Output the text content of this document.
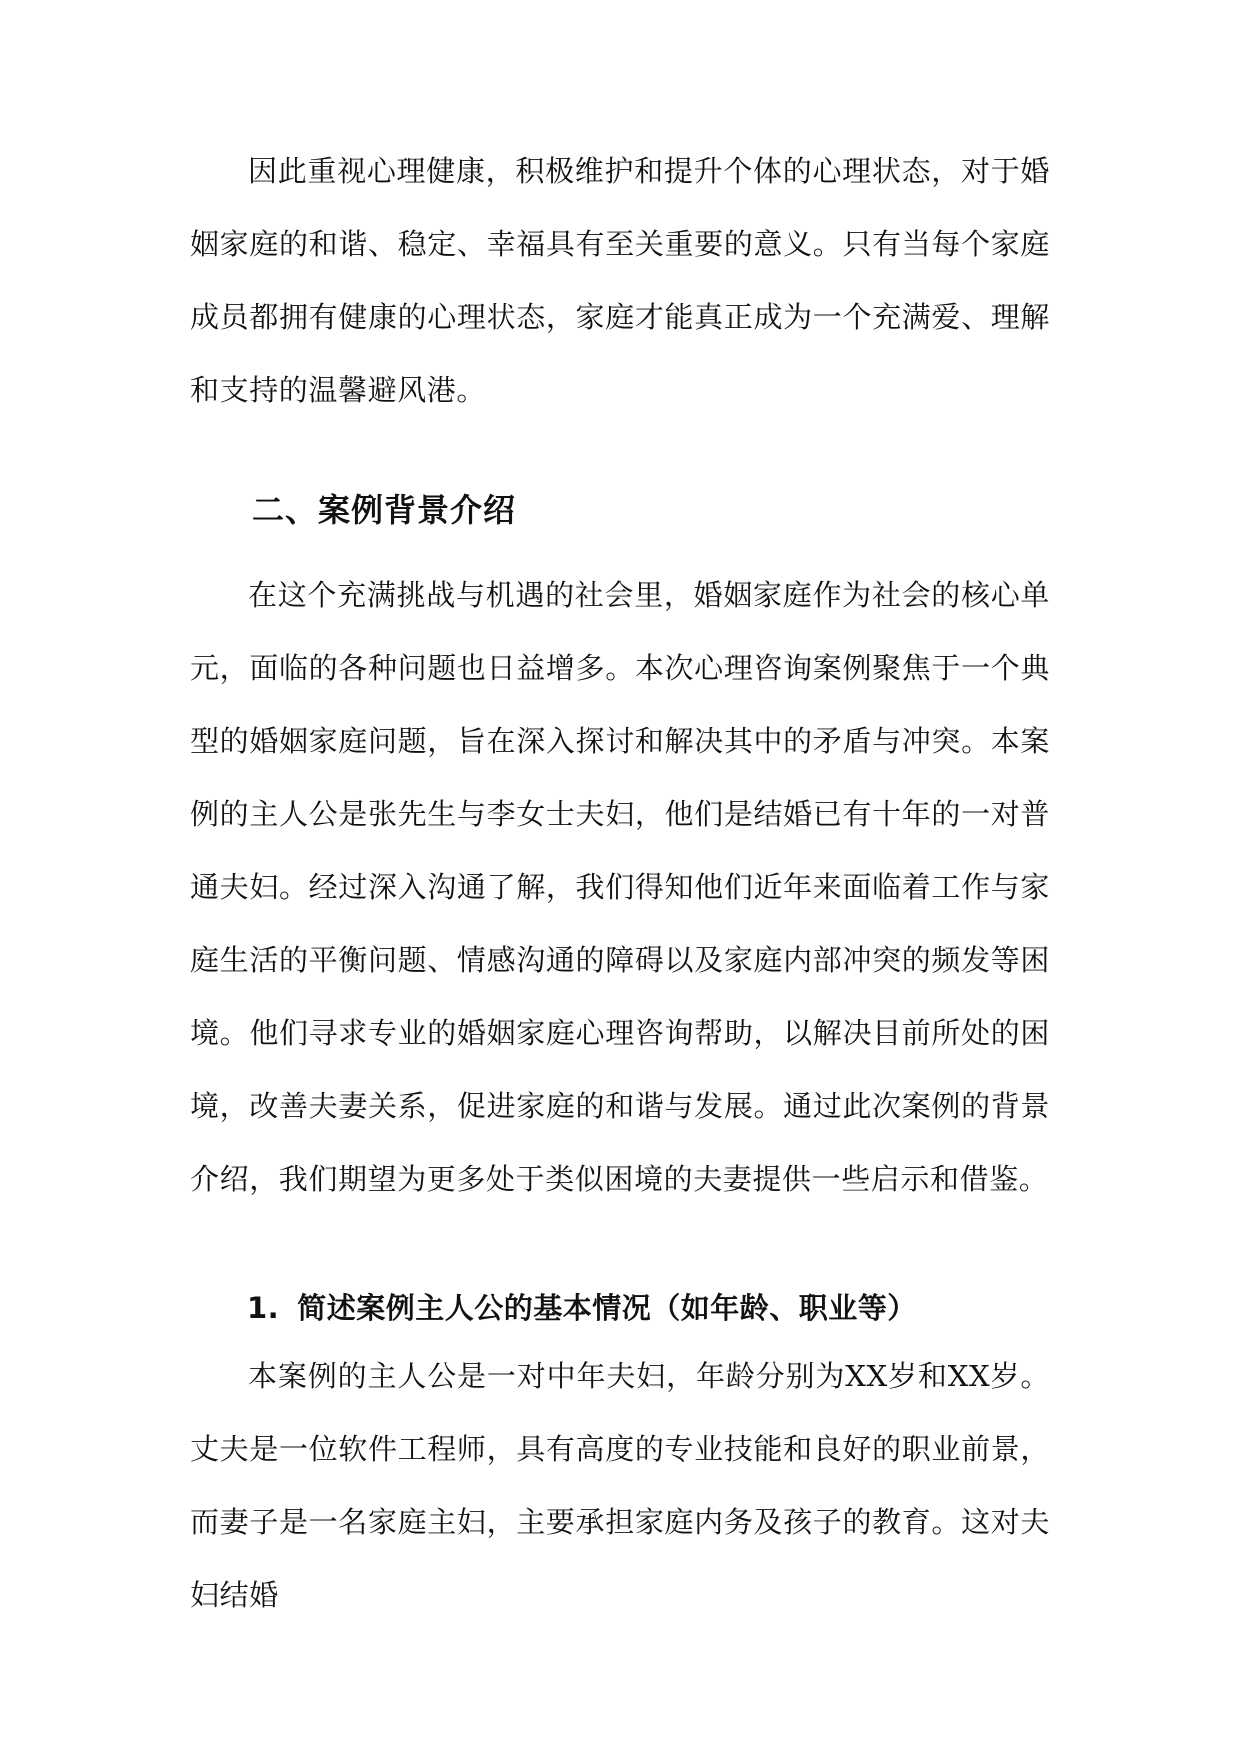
因此重视心理健康，积极维护和提升个体的心理状态，对于婚姻家庭的和谐、稳定、幸福具有至关重要的意义。只有当每个家庭成员都拥有健康的心理状态，家庭才能真正成为一个充满爱、理解和支持的温馨避风港。

二、案例背景介绍

在这个充满挑战与机遇的社会里，婚姻家庭作为社会的核心单元，面临的各种问题也日益增多。本次心理咨询案例聚焦于一个典型的婚姻家庭问题，旨在深入探讨和解决其中的矛盾与冲突。本案例的主人公是张先生与李女士夫妇，他们是结婚已有十年的一对普通夫妇。经过深入沟通了解，我们得知他们近年来面临着工作与家庭生活的平衡问题、情感沟通的障碍以及家庭内部冲突的频发等困境。他们寻求专业的婚姻家庭心理咨询帮助，以解决目前所处的困境，改善夫妻关系，促进家庭的和谐与发展。通过此次案例的背景介绍，我们期望为更多处于类似困境的夫妻提供一些启示和借鉴。

1. 简述案例主人公的基本情况（如年龄、职业等）

本案例的主人公是一对中年夫妇，年龄分别为XX岁和XX岁。丈夫是一位软件工程师，具有高度的专业技能和良好的职业前景，而妻子是一名家庭主妇，主要承担家庭内务及孩子的教育。这对夫妇结婚
